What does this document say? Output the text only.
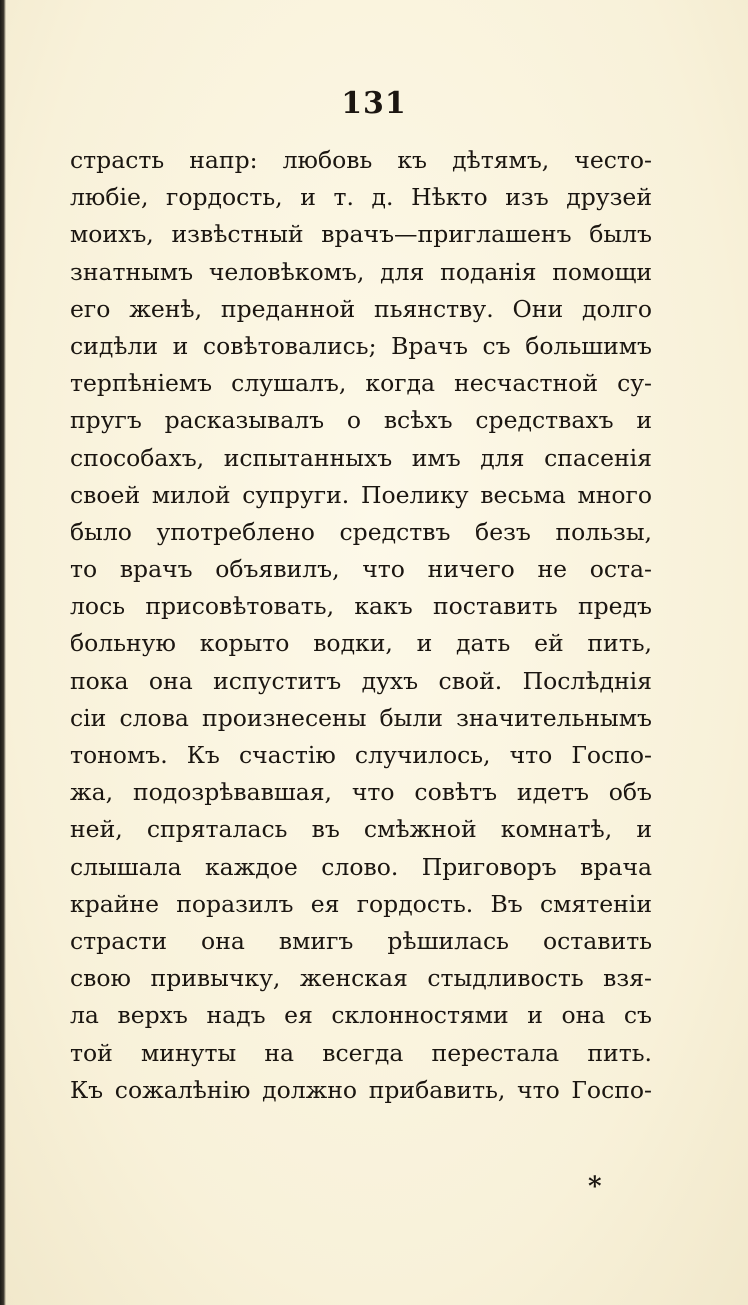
131
страсть напр: любовь къ дѣтямъ, често-
любіе, гордость, и т. д. Нѣкто изъ друзей
моихъ, извѣстный врачъ—приглашенъ былъ
знатнымъ человѣкомъ, для поданія помощи
его женѣ, преданной пьянству. Они долго
сидѣли и совѣтовались; Врачъ съ большимъ
терпѣніемъ слушалъ, когда несчастной су-
пругъ расказывалъ о всѣхъ средствахъ и
способахъ, испытанныхъ имъ для спасенія
своей милой супруги. Поелику весьма много
было употреблено средствъ безъ пользы,
то врачъ объявилъ, что ничего не оста-
лось присовѣтовать, какъ поставить предъ
больную корыто водки, и дать ей пить,
пока она испуститъ духъ свой. Послѣднія
сіи слова произнесены были значительнымъ
тономъ. Къ счастію случилось, что Госпо-
жа, подозрѣвавшая, что совѣтъ идетъ объ
ней, спряталась въ смѣжной комнатѣ, и
слышала каждое слово. Приговоръ врача
крайне поразилъ ея гордость. Въ смятеніи
страсти она вмигъ рѣшилась оставить
свою привычку, женская стыдливость взя-
ла верхъ надъ ея склонностями и она съ
той минуты на всегда перестала пить.
Къ сожалѣнію должно прибавить, что Госпо-
*
